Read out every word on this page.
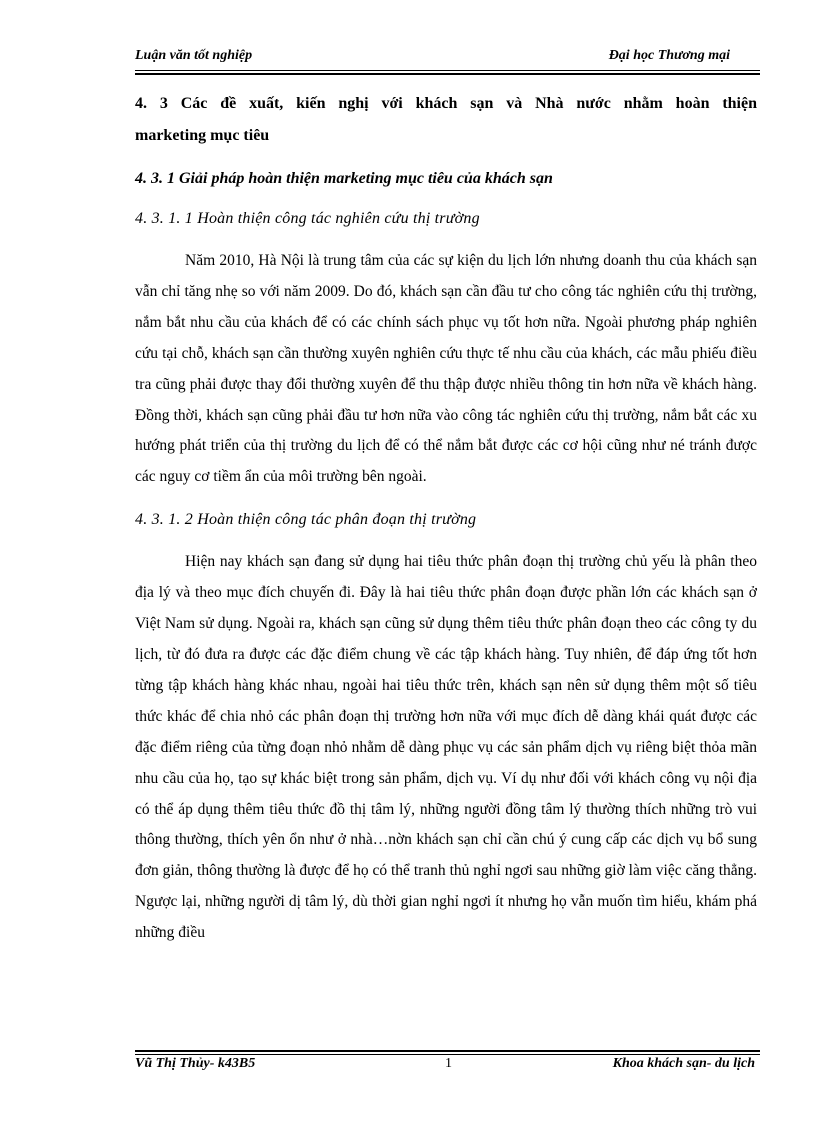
Luận văn tốt nghiệp	Đại học Thương mại
4. 3 Các đề xuất, kiến nghị với khách sạn và Nhà nước nhằm hoàn thiện
marketing mục tiêu
4. 3. 1 Giải pháp hoàn thiện marketing mục tiêu của khách sạn
4. 3. 1. 1 Hoàn thiện công tác nghiên cứu thị trường

Năm 2010, Hà Nội là trung tâm của các sự kiện du lịch lớn nhưng doanh thu của khách sạn vẫn chỉ tăng nhẹ so với năm 2009. Do đó, khách sạn cần đầu tư cho công tác nghiên cứu thị trường, nắm bắt nhu cầu của khách để có các chính sách phục vụ tốt hơn nữa. Ngoài phương pháp nghiên cứu tại chỗ, khách sạn cần thường xuyên nghiên cứu thực tế nhu cầu của khách, các mẫu phiếu điều tra cũng phải được thay đổi thường xuyên để thu thập được nhiều thông tin hơn nữa về khách hàng. Đồng thời, khách sạn cũng phải đầu tư hơn nữa vào công tác nghiên cứu thị trường, nắm bắt các xu hướng phát triển của thị trường du lịch để có thể nắm bắt được các cơ hội cũng như né tránh được các nguy cơ tiềm ẩn của môi trường bên ngoài.

4. 3. 1. 2 Hoàn thiện công tác phân đoạn thị trường

Hiện nay khách sạn đang sử dụng hai tiêu thức phân đoạn thị trường chủ yếu là phân theo địa lý và theo mục đích chuyến đi. Đây là hai tiêu thức phân đoạn được phần lớn các khách sạn ở Việt Nam sử dụng. Ngoài ra, khách sạn cũng sử dụng thêm tiêu thức phân đoạn theo các công ty du lịch, từ đó đưa ra được các đặc điểm chung về các tập khách hàng. Tuy nhiên, để đáp ứng tốt hơn từng tập khách hàng khác nhau, ngoài hai tiêu thức trên, khách sạn nên sử dụng thêm một số tiêu thức khác để chia nhỏ các phân đoạn thị trường hơn nữa với mục đích dễ dàng khái quát được các đặc điểm riêng của từng đoạn nhỏ nhằm dễ dàng phục vụ các sản phẩm dịch vụ riêng biệt thỏa mãn nhu cầu của họ, tạo sự khác biệt trong sản phẩm, dịch vụ. Ví dụ như đối với khách công vụ nội địa có thể áp dụng thêm tiêu thức đồ thị tâm lý, những người đồng tâm lý thường thích những trò vui thông thường, thích yên ổn như ở nhà…nờn khách sạn chỉ cần chú ý cung cấp các dịch vụ bổ sung đơn giản, thông thường là được để họ có thể tranh thủ nghỉ ngơi sau những giờ làm việc căng thẳng. Ngược lại, những người dị tâm lý, dù thời gian nghỉ ngơi ít nhưng họ vẫn muốn tìm hiểu, khám phá những điều

Vũ Thị Thủy- k43B5	1	Khoa khách sạn- du lịch
